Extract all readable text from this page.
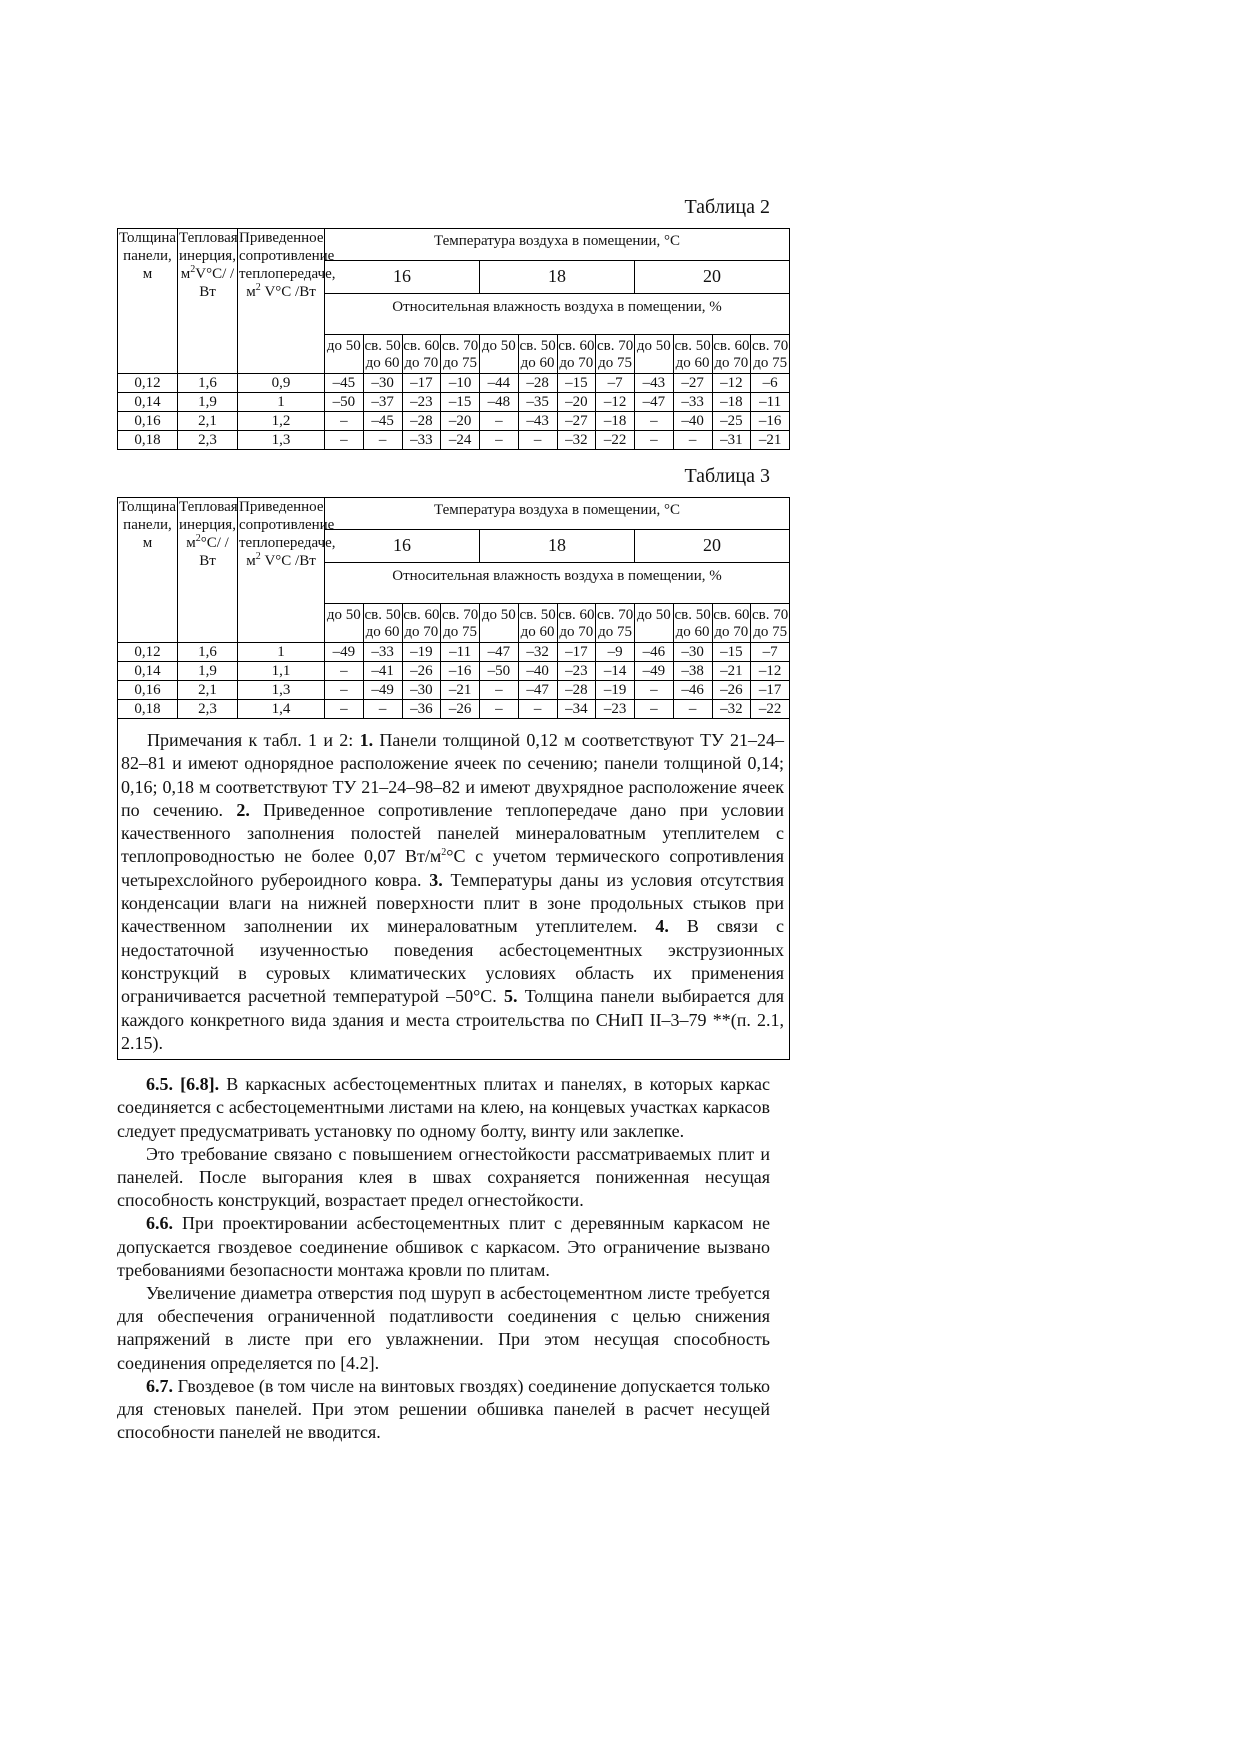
Таблица 2
Толщина панели, м	Тепловая инерция, $м^2V^\circ C/$ /Вт	Приведенное сопротивление теплопередаче, $м^2$ V°C /Вт	Температура воздуха в помещении, °С											
			16				18				20			
			Относительная влажность воздуха в помещении, %											
			до 50	св. 50 до 60	св. 60 до 70	св. 70 до 75	до 50	св. 50 до 60	св. 60 до 70	св. 70 до 75	до 50	св. 50 до 60	св. 60 до 70	св. 70 до 75
0,12	1,6	0,9	–45	–30	–17	–10	–44	–28	–15	–7	–43	–27	–12	–6
0,14	1,9	1	–50	–37	–23	–15	–48	–35	–20	–12	–47	–33	–18	–11
0,16	2,1	1,2	–	–45	–28	–20	–	–43	–27	–18	–	–40	–25	–16
0,18	2,3	1,3	–	–	–33	–24	–	–	–32	–22	–	–	–31	–21
Таблица 3
Толщина панели, м	Тепловая инерция, $м^2^\circ С/$ /Вт	Приведенное сопротивление теплопередаче, $м^2$ V°C /Вт	Температура воздуха в помещении, °С											
			16				18				20			
			Относительная влажность воздуха в помещении, %											
			до 50	св. 50 до 60	св. 60 до 70	св. 70 до 75	до 50	св. 50 до 60	св. 60 до 70	св. 70 до 75	до 50	св. 50 до 60	св. 60 до 70	св. 70 до 75
0,12	1,6	1	–49	–33	–19	–11	–47	–32	–17	–9	–46	–30	–15	–7
0,14	1,9	1,1	–	–41	–26	–16	–50	–40	–23	–14	–49	–38	–21	–12
0,16	2,1	1,3	–	–49	–30	–21	–	–47	–28	–19	–	–46	–26	–17
0,18	2,3	1,4	–	–	–36	–26	–	–	–34	–23	–	–	–32	–22

Примечания к табл. 1 и 2: 1. Панели толщиной 0,12 м соответствуют ТУ 21–24–82–81 и имеют однорядное расположение ячеек по сечению; панели толщиной 0,14; 0,16; 0,18 м соответствуют ТУ 21–24–98–82 и имеют двухрядное расположение ячеек по сечению. 2. Приведенное сопротивление теплопередаче дано при условии качественного заполнения полостей панелей минераловатным утеплителем с теплопроводностью не более 0,07 $Вт/м^2^\circ С$ с учетом термического сопротивления четырехслойного рубероидного ковра. 3. Температуры даны из условия отсутствия конденсации влаги на нижней поверхности плит в зоне продольных стыков при качественном заполнении их минераловатным утеплителем. 4. В связи с недостаточной изученностью поведения асбестоцементных экструзионных конструкций в суровых климатических условиях область их применения ограничивается расчетной температурой –50°С. 5. Толщина панели выбирается для каждого конкретного вида здания и места строительства по СНиП II–3–79 **(п. 2.1, 2.15).														

6.5. [6.8]. В каркасных асбестоцементных плитах и панелях, в которых каркас соединяется с асбестоцементными листами на клею, на концевых участках каркасов следует предусматривать установку по одному болту, винту или заклепке.

Это требование связано с повышением огнестойкости рассматриваемых плит и панелей. После выгорания клея в швах сохраняется пониженная несущая способность конструкций, возрастает предел огнестойкости.

6.6. При проектировании асбестоцементных плит с деревянным каркасом не допускается гвоздевое соединение обшивок с каркасом. Это ограничение вызвано требованиями безопасности монтажа кровли по плитам.

Увеличение диаметра отверстия под шуруп в асбестоцементном листе требуется для обеспечения ограниченной податливости соединения с целью снижения напряжений в листе при его увлажнении. При этом несущая способность соединения определяется по [4.2].

6.7. Гвоздевое (в том числе на винтовых гвоздях) соединение допускается только для стеновых панелей. При этом решении обшивка панелей в расчет несущей способности панелей не вводится.
